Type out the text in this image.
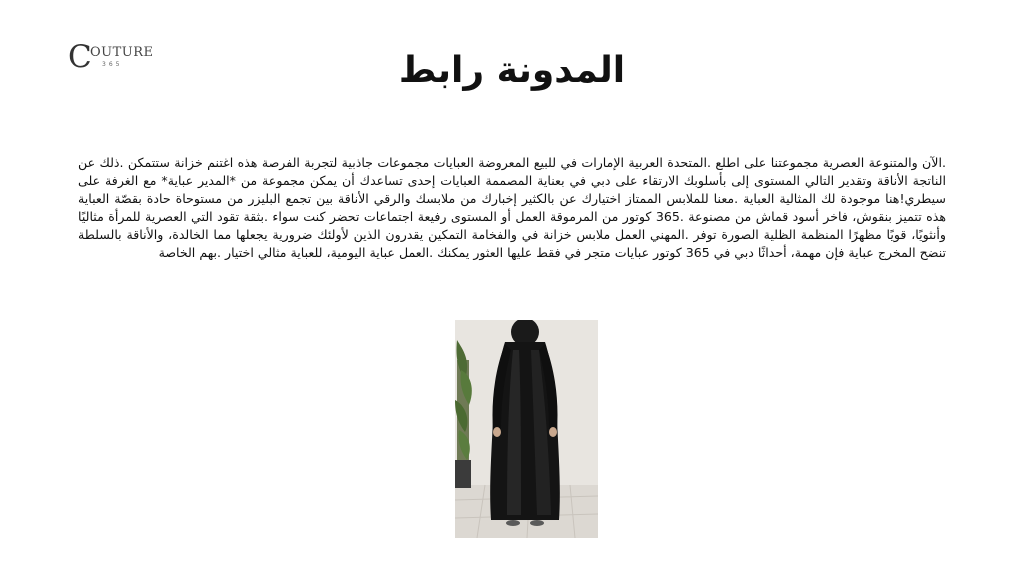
C
OUTURE
365	المدونة رابط
.الآن والمتنوعة العصرية مجموعتنا على اطلع .المتحدة العربية الإمارات في للبيع المعروضة العبايات مجموعات جاذبية لتجربة الفرصة هذه اغتنم خزانة ستتمكن .ذلك عن الناتجة الأناقة وتقدير التالي المستوى إلى بأسلوبك الارتقاء على دبي في بعناية المصممة العبايات إحدى تساعدك أن يمكن مجموعة من *المدير عباية* مع الغرفة على سيطري!هنا موجودة لك المثالية العباية .معنا للملابس الممتاز اختيارك عن بالكثير إخبارك من ملابسك والرقي الأناقة بين تجمع البليزر من مستوحاة حادة بقصّة العباية هذه تتميز بنقوش، فاخر أسود قماش من مصنوعة .365 كوتور من المرموقة العمل أو المستوى رفيعة اجتماعات تحضر كنت سواء .بثقة تقود التي العصرية للمرأة مثاليًا وأنثويًا، قويًا مظهرًا المنظمة الظلية الصورة توفر .المهني العمل ملابس خزانة في والفخامة التمكين يقدرون الذين لأولئك ضرورية يجعلها مما الخالدة، والأناقة بالسلطة تنضح المخرج عباية فإن مهمة، أحداثًا دبي في 365 كوتور عبايات متجر في فقط عليها العثور يمكنك .العمل عباية اليومية، للعباية مثالي اختيار .بهم الخاصة
